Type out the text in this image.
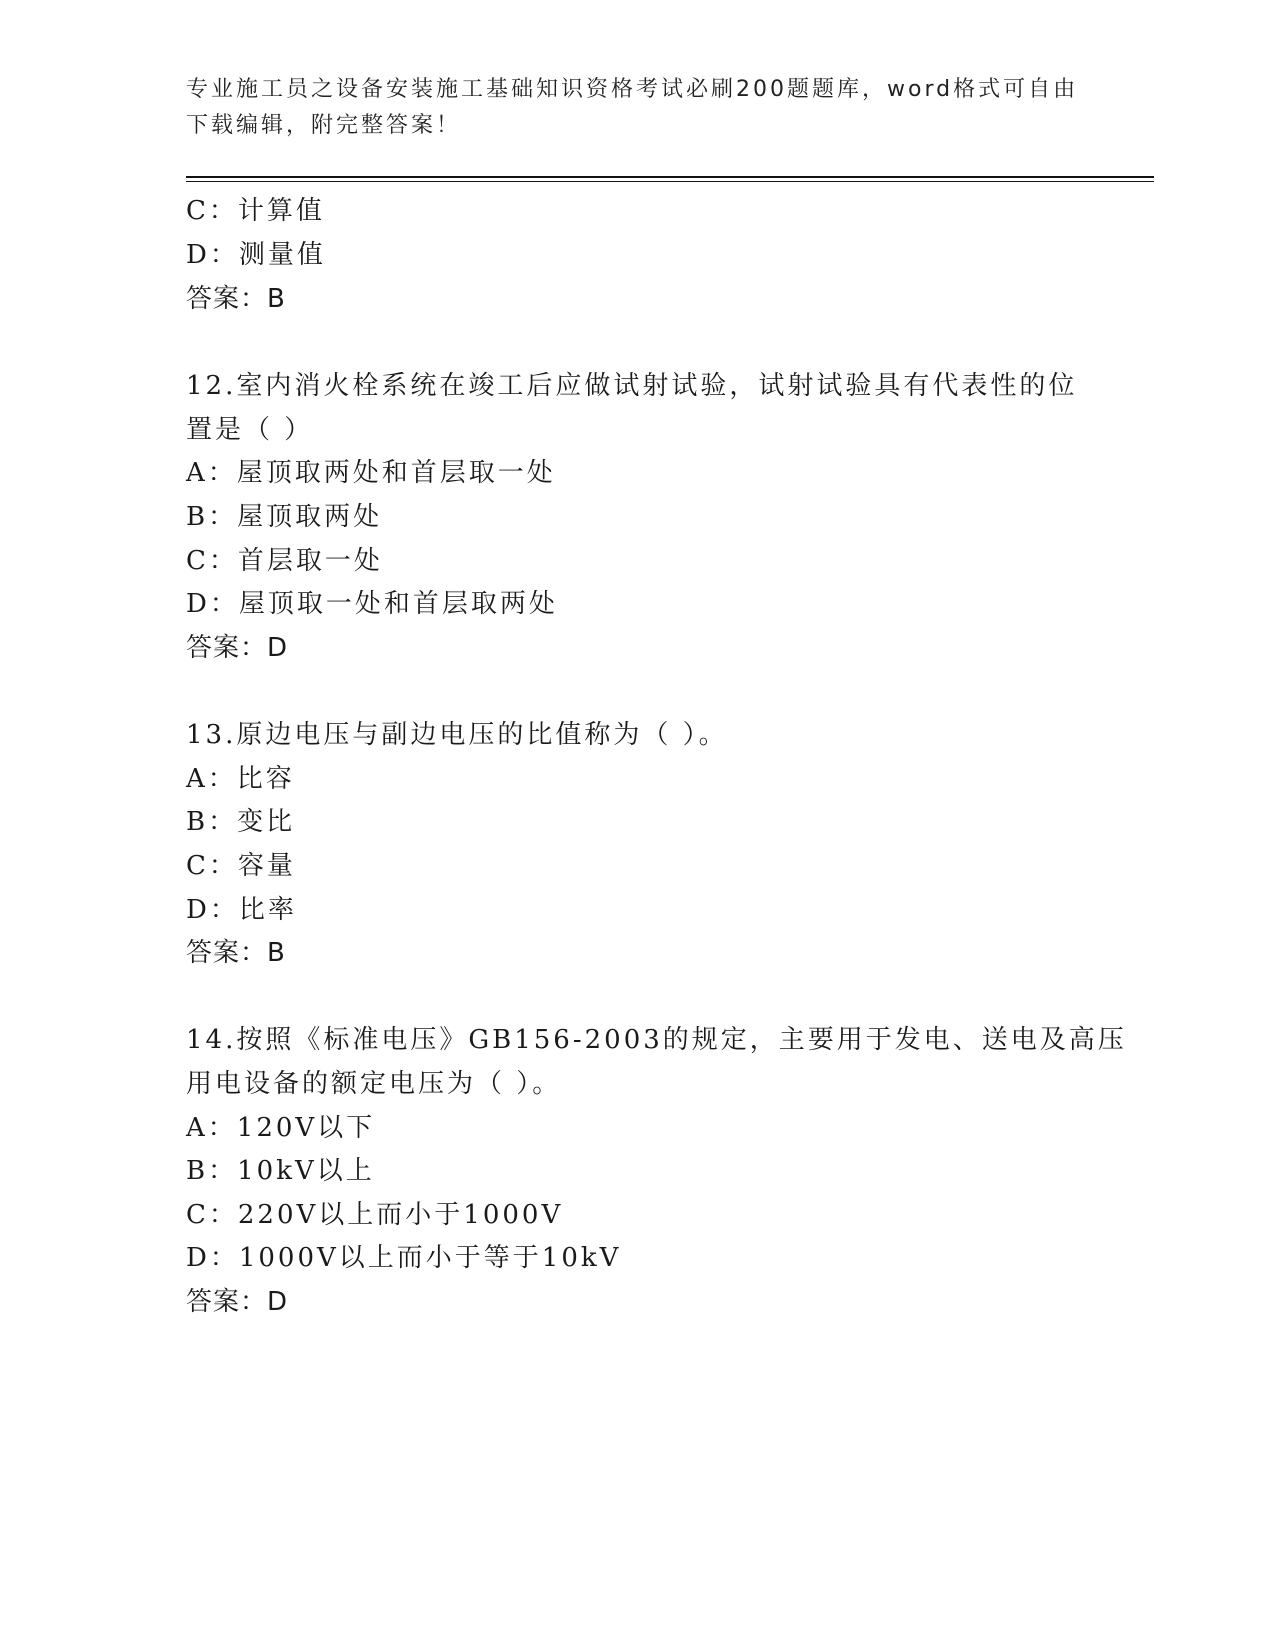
专业施工员之设备安装施工基础知识资格考试必刷200题题库，word格式可自由
下载编辑，附完整答案！
C：计算值
D：测量值
答案：B
12.室内消火栓系统在竣工后应做试射试验，试射试验具有代表性的位
置是（ ）
A：屋顶取两处和首层取一处
B：屋顶取两处
C：首层取一处
D：屋顶取一处和首层取两处
答案：D
13.原边电压与副边电压的比值称为（ ）。
A：比容
B：变比
C：容量
D：比率
答案：B
14.按照《标准电压》GB156-2003的规定，主要用于发电、送电及高压
用电设备的额定电压为（ ）。
A：120V以下
B：10kV以上
C：220V以上而小于1000V
D：1000V以上而小于等于10kV
答案：D
